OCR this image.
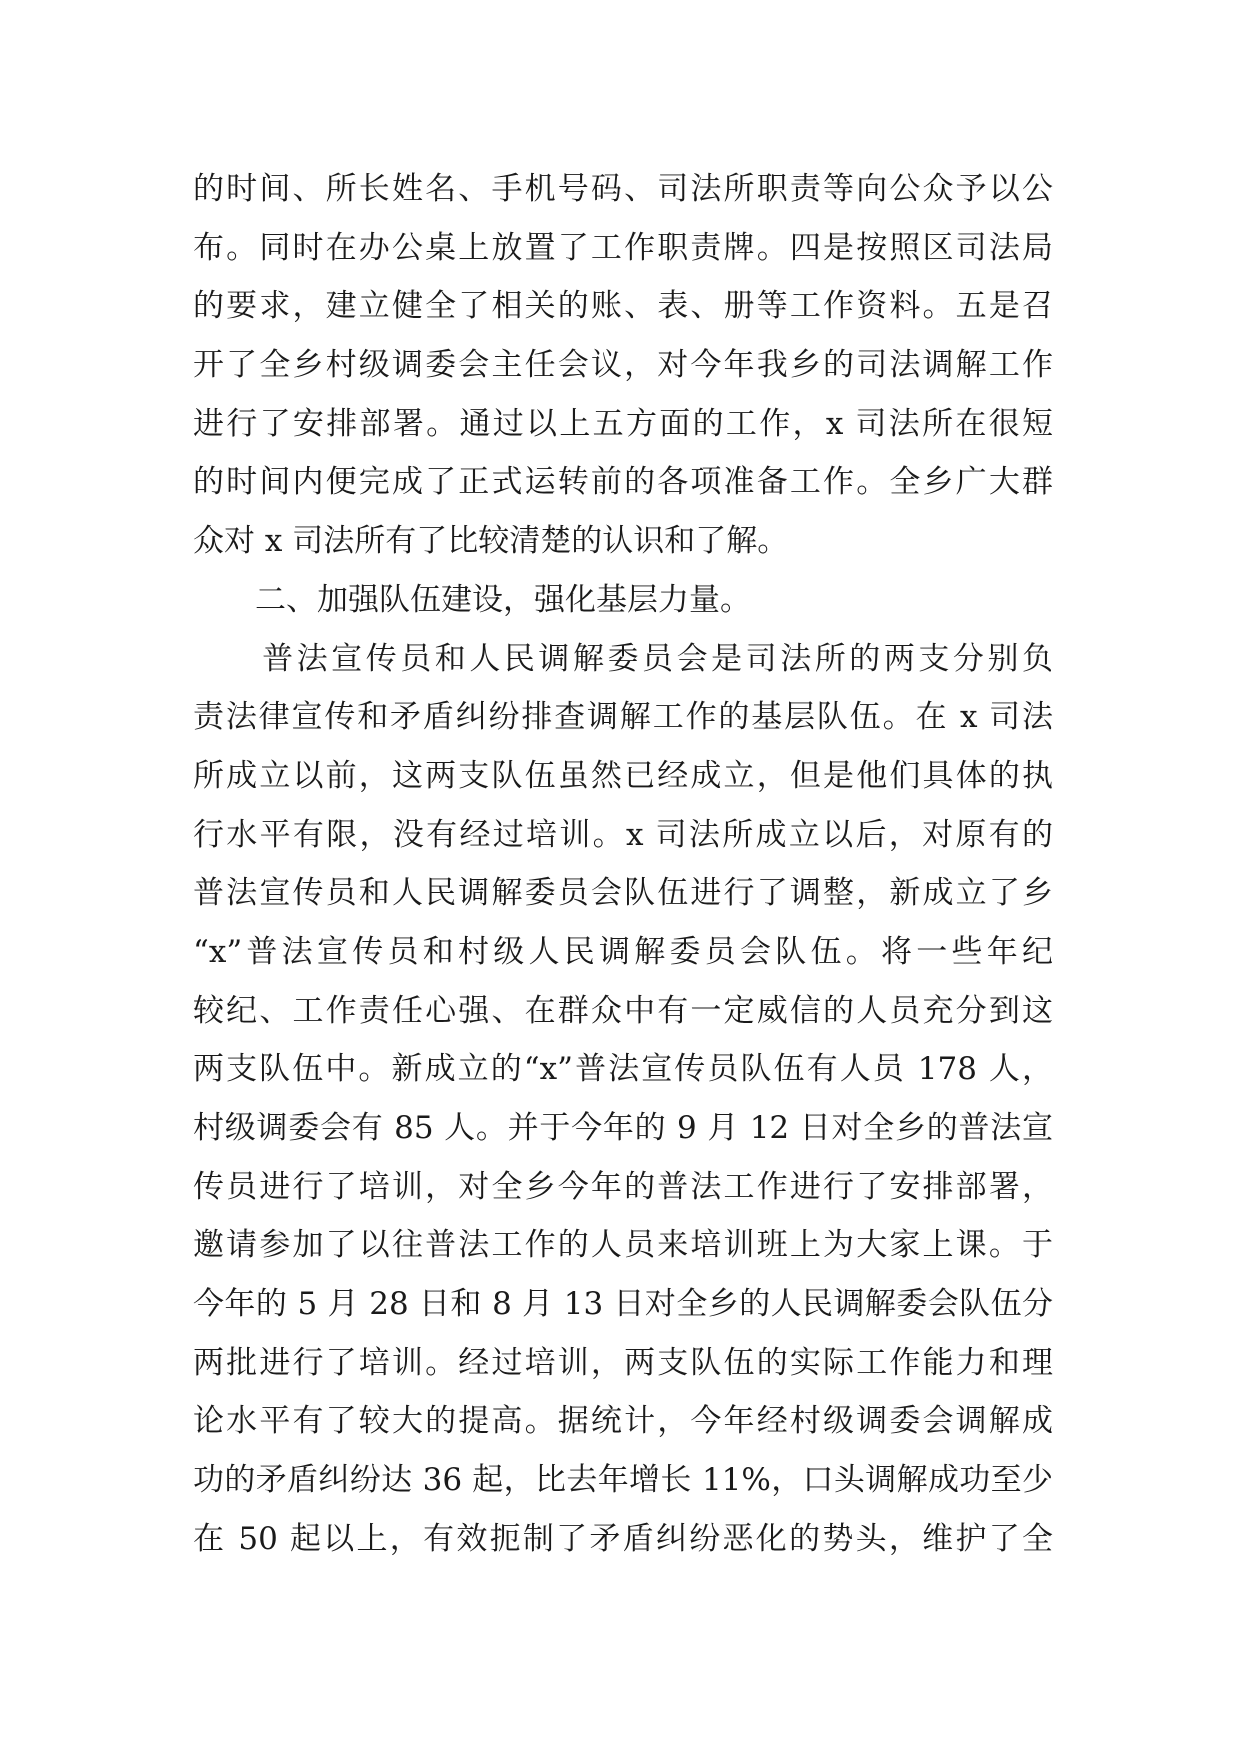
的时间、所长姓名、手机号码、司法所职责等向公众予以公
布。同时在办公桌上放置了工作职责牌。四是按照区司法局
的要求，建立健全了相关的账、表、册等工作资料。五是召
开了全乡村级调委会主任会议，对今年我乡的司法调解工作
进行了安排部署。通过以上五方面的工作，x 司法所在很短
的时间内便完成了正式运转前的各项准备工作。全乡广大群
众对 x 司法所有了比较清楚的认识和了解。
　　二、加强队伍建设，强化基层力量。
　　普法宣传员和人民调解委员会是司法所的两支分别负
责法律宣传和矛盾纠纷排查调解工作的基层队伍。在 x 司法
所成立以前，这两支队伍虽然已经成立，但是他们具体的执
行水平有限，没有经过培训。x 司法所成立以后，对原有的
普法宣传员和人民调解委员会队伍进行了调整，新成立了乡
“x”普法宣传员和村级人民调解委员会队伍。将一些年纪
较纪、工作责任心强、在群众中有一定威信的人员充分到这
两支队伍中。新成立的“x”普法宣传员队伍有人员 178 人，
村级调委会有 85 人。并于今年的 9 月 12 日对全乡的普法宣
传员进行了培训，对全乡今年的普法工作进行了安排部署，
邀请参加了以往普法工作的人员来培训班上为大家上课。于
今年的 5 月 28 日和 8 月 13 日对全乡的人民调解委会队伍分
两批进行了培训。经过培训，两支队伍的实际工作能力和理
论水平有了较大的提高。据统计，今年经村级调委会调解成
功的矛盾纠纷达 36 起，比去年增长 11%，口头调解成功至少
在 50 起以上，有效扼制了矛盾纠纷恶化的势头，维护了全
